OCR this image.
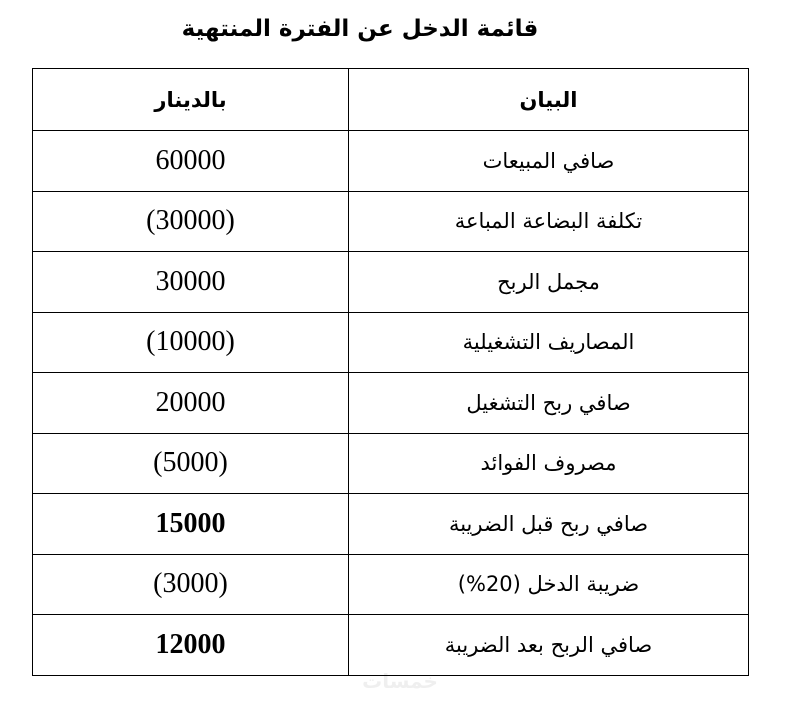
قائمة الدخل عن الفترة المنتهية
البيان	بالدينار
صافي المبيعات	60000
تكلفة البضاعة المباعة	(30000)
مجمل الربح	30000
المصاريف التشغيلية	(10000)
صافي ربح التشغيل	20000
مصروف الفوائد	(5000)
صافي ربح قبل الضريبة	15000
ضريبة الدخل (20%)	(3000)
صافي الربح بعد الضريبة	12000
خمسات
